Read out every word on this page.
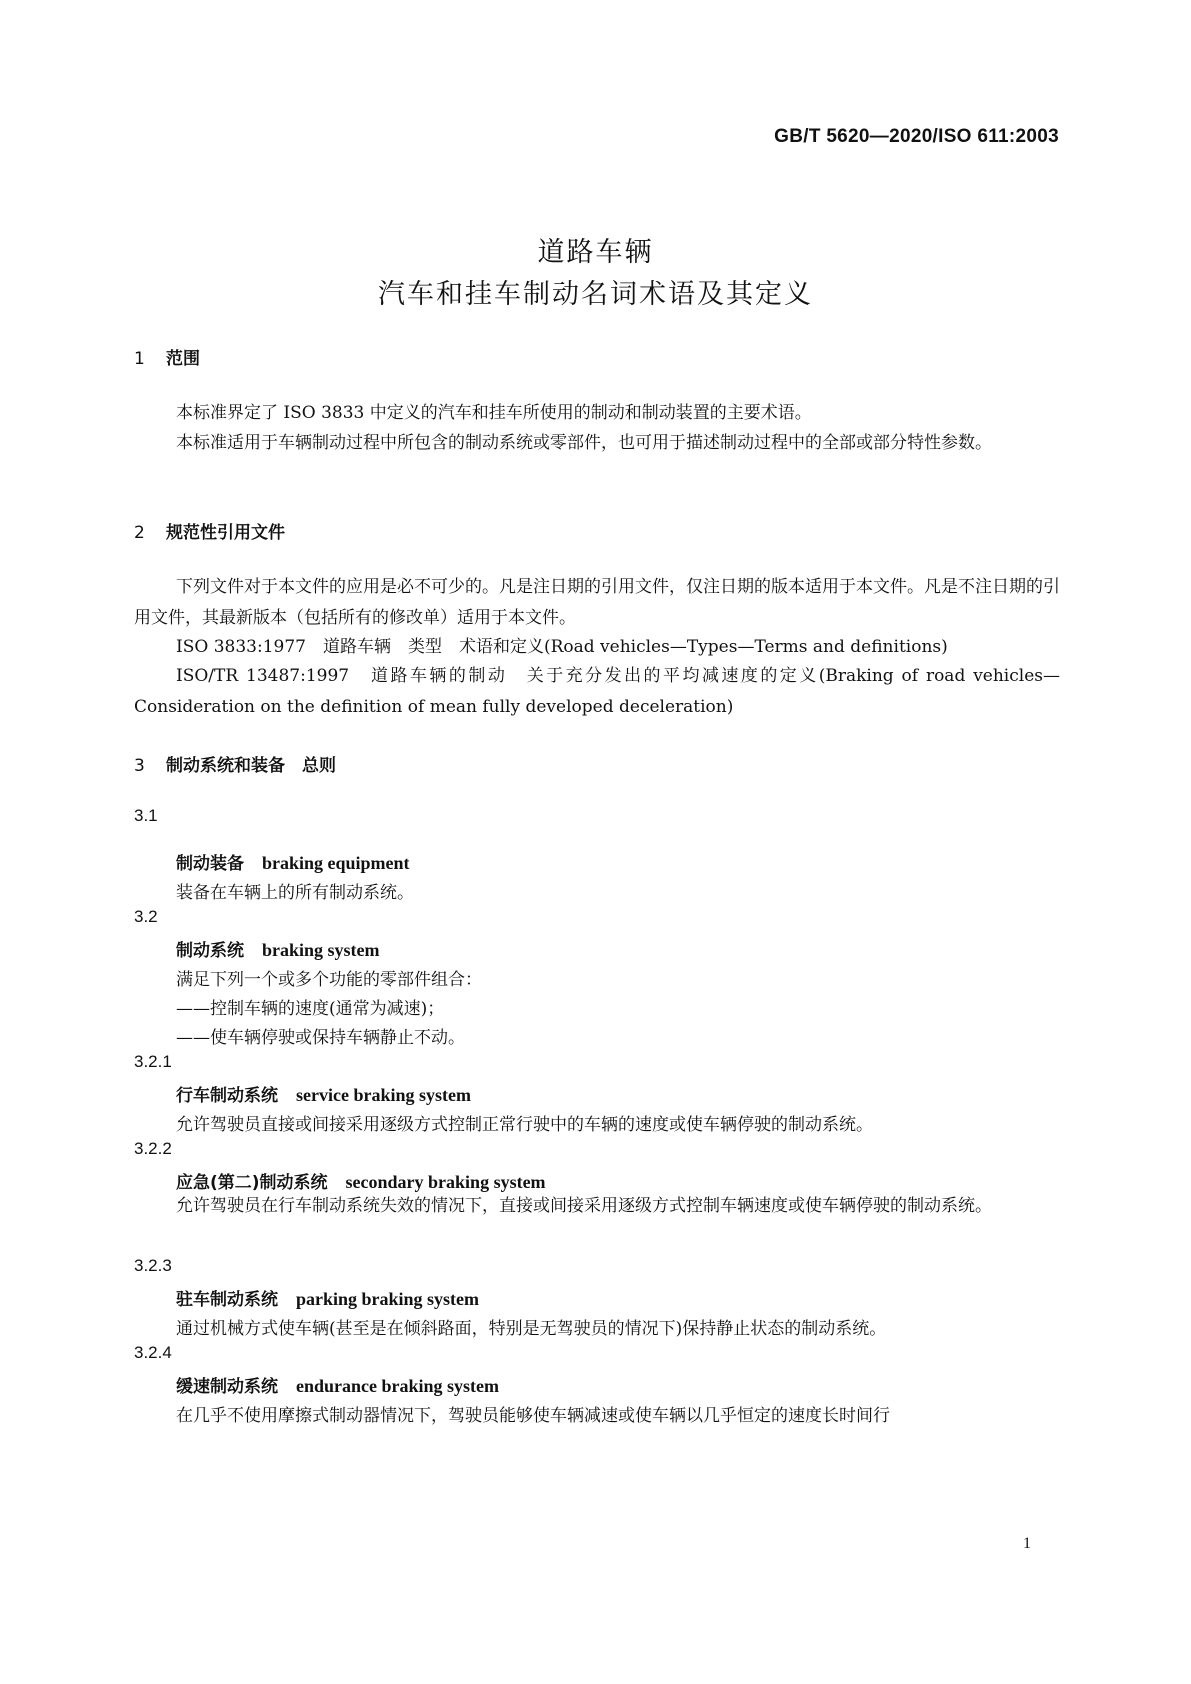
GB/T 5620—2020/ISO 611:2003
道路车辆
汽车和挂车制动名词术语及其定义
1 范围
本标准界定了 ISO 3833 中定义的汽车和挂车所使用的制动和制动装置的主要术语。
本标准适用于车辆制动过程中所包含的制动系统或零部件，也可用于描述制动过程中的全部或部分特性参数。
2 规范性引用文件
下列文件对于本文件的应用是必不可少的。凡是注日期的引用文件，仅注日期的版本适用于本文件。凡是不注日期的引用文件，其最新版本（包括所有的修改单）适用于本文件。
ISO 3833:1977　道路车辆　类型　术语和定义(Road vehicles—Types—Terms and definitions)
ISO/TR 13487:1997　道路车辆的制动　关于充分发出的平均减速度的定义(Braking of road vehicles—Consideration on the definition of mean fully developed deceleration)
3 制动系统和装备　总则
3.1
制动装备 braking equipment
装备在车辆上的所有制动系统。
3.2
制动系统 braking system
满足下列一个或多个功能的零部件组合：
——控制车辆的速度(通常为减速)；
——使车辆停驶或保持车辆静止不动。
3.2.1
行车制动系统 service braking system
允许驾驶员直接或间接采用逐级方式控制正常行驶中的车辆的速度或使车辆停驶的制动系统。
3.2.2
应急(第二)制动系统 secondary braking system
允许驾驶员在行车制动系统失效的情况下，直接或间接采用逐级方式控制车辆速度或使车辆停驶的制动系统。
3.2.3
驻车制动系统 parking braking system
通过机械方式使车辆(甚至是在倾斜路面，特别是无驾驶员的情况下)保持静止状态的制动系统。
3.2.4
缓速制动系统 endurance braking system
在几乎不使用摩擦式制动器情况下，驾驶员能够使车辆减速或使车辆以几乎恒定的速度长时间行
1
